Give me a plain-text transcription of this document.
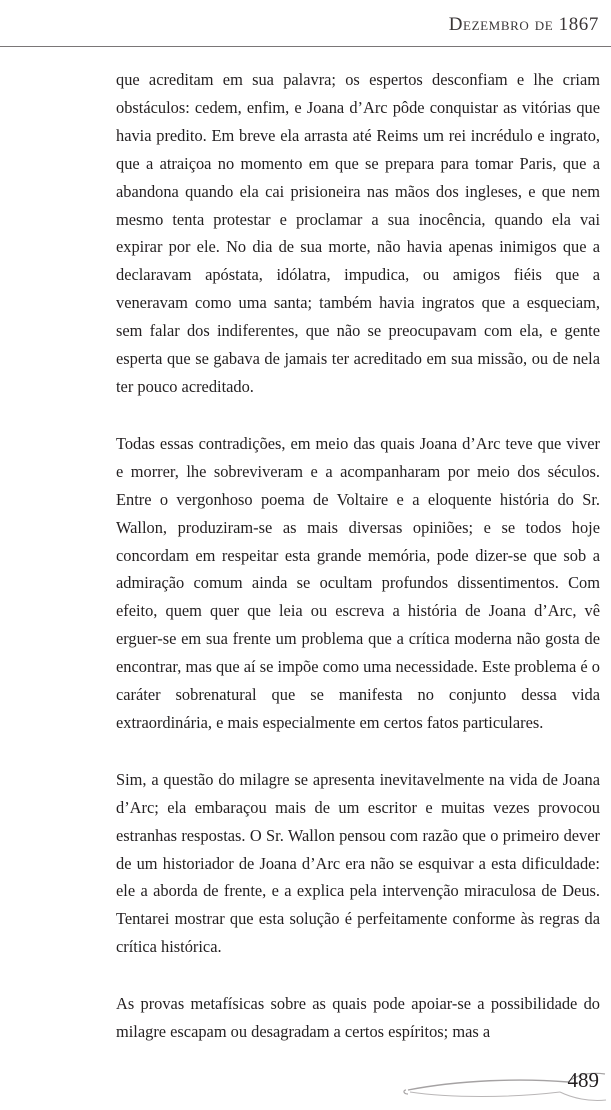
Dezembro de 1867

que acreditam em sua palavra; os espertos desconfiam e lhe criam obstáculos: cedem, enfim, e Joana d’Arc pôde conquistar as vitórias que havia predito. Em breve ela arrasta até Reims um rei incrédulo e ingrato, que a atraiçoa no momento em que se prepara para tomar Paris, que a abandona quando ela cai prisioneira nas mãos dos ingleses, e que nem mesmo tenta protestar e proclamar a sua inocência, quando ela vai expirar por ele. No dia de sua morte, não havia apenas inimigos que a declaravam apóstata, idólatra, impudica, ou amigos fiéis que a veneravam como uma santa; também havia ingratos que a esqueciam, sem falar dos indiferentes, que não se preocupavam com ela, e gente esperta que se gabava de jamais ter acreditado em sua missão, ou de nela ter pouco acreditado.

Todas essas contradições, em meio das quais Joana d’Arc teve que viver e morrer, lhe sobreviveram e a acompanharam por meio dos séculos. Entre o vergonhoso poema de Voltaire e a eloquente história do Sr. Wallon, produziram-se as mais diversas opiniões; e se todos hoje concordam em respeitar esta grande memória, pode dizer-se que sob a admiração comum ainda se ocultam profundos dissentimentos. Com efeito, quem quer que leia ou escreva a história de Joana d’Arc, vê erguer-se em sua frente um problema que a crítica moderna não gosta de encontrar, mas que aí se impõe como uma necessidade. Este problema é o caráter sobrenatural que se manifesta no conjunto dessa vida extraordinária, e mais especialmente em certos fatos particulares.

Sim, a questão do milagre se apresenta inevitavelmente na vida de Joana d’Arc; ela embaraçou mais de um escritor e muitas vezes provocou estranhas respostas. O Sr. Wallon pensou com razão que o primeiro dever de um historiador de Joana d’Arc era não se esquivar a esta dificuldade: ele a aborda de frente, e a explica pela intervenção miraculosa de Deus. Tentarei mostrar que esta solução é perfeitamente conforme às regras da crítica histórica.

As provas metafísicas sobre as quais pode apoiar-se a possibilidade do milagre escapam ou desagradam a certos espíritos; mas a

489
